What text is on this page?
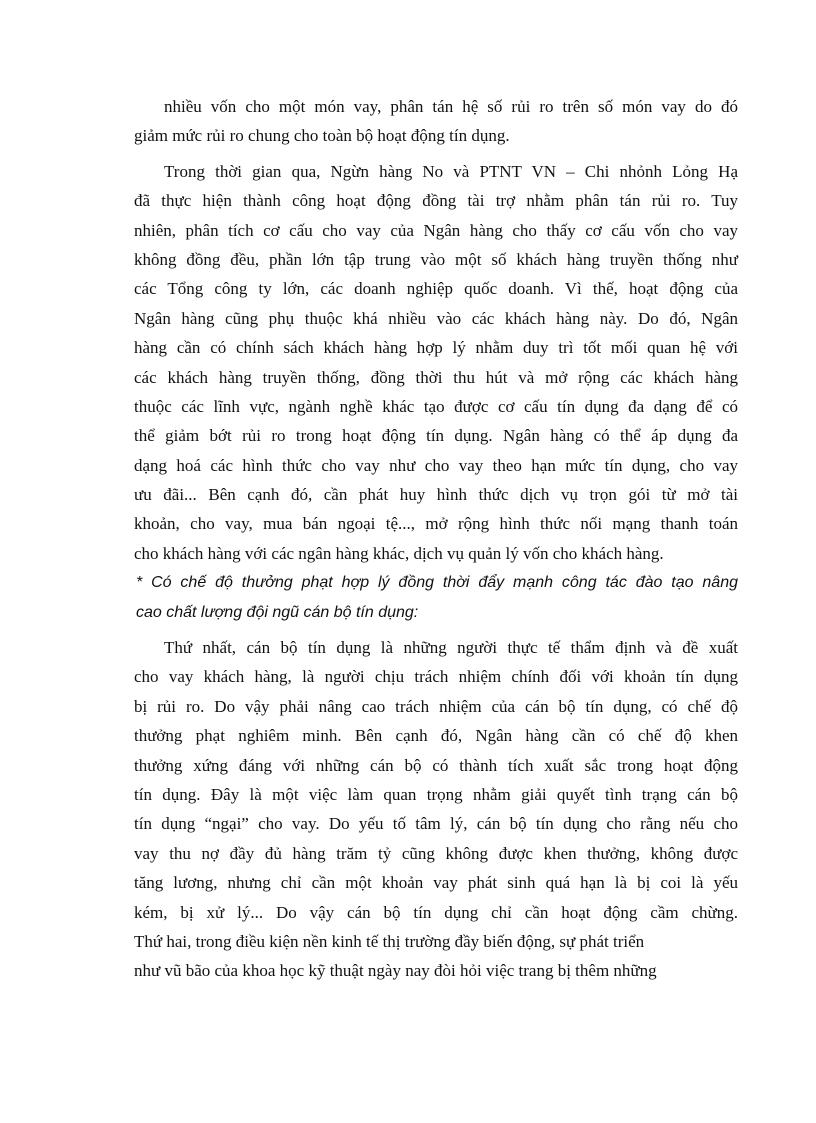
nhiều vốn cho một món vay, phân tán hệ số rủi ro trên số món vay do đó
giảm mức rủi ro chung cho toàn bộ hoạt động tín dụng.
Trong thời gian qua, Ngừn hàng No và PTNT VN – Chi nhỏnh Lỏng Hạ
đã thực hiện thành công hoạt động đồng tài trợ nhằm phân tán rủi ro. Tuy
nhiên, phân tích cơ cấu cho vay của Ngân hàng cho thấy cơ cấu vốn cho vay
không đồng đều, phần lớn tập trung vào một số khách hàng truyền thống như
các Tổng công ty lớn, các doanh nghiệp quốc doanh. Vì thế, hoạt động của
Ngân hàng cũng phụ thuộc khá nhiều vào các khách hàng này. Do đó, Ngân
hàng cần có chính sách khách hàng hợp lý nhằm duy trì tốt mối quan hệ với
các khách hàng truyền thống, đồng thời thu hút và mở rộng các khách hàng
thuộc các lĩnh vực, ngành nghề khác tạo được cơ cấu tín dụng đa dạng để có
thể giảm bớt rủi ro trong hoạt động tín dụng. Ngân hàng có thể áp dụng đa
dạng hoá các hình thức cho vay như cho vay theo hạn mức tín dụng, cho vay
ưu đãi... Bên cạnh đó, cần phát huy hình thức dịch vụ trọn gói từ mở tài
khoản, cho vay, mua bán ngoại tệ..., mở rộng hình thức nối mạng thanh toán
cho khách hàng với các ngân hàng khác, dịch vụ quản lý vốn cho khách hàng.
* Có chế độ thưởng phạt hợp lý đồng thời đẩy mạnh công tác đào tạo nâng
cao chất lượng đội ngũ cán bộ tín dụng:
Thứ nhất, cán bộ tín dụng là những người thực tế thẩm định và đề xuất
cho vay khách hàng, là người chịu trách nhiệm chính đối với khoản tín dụng
bị rủi ro. Do vậy phải nâng cao trách nhiệm của cán bộ tín dụng, có chế độ
thưởng phạt nghiêm minh. Bên cạnh đó, Ngân hàng cần có chế độ khen
thưởng xứng đáng với những cán bộ có thành tích xuất sắc trong hoạt động
tín dụng. Đây là một việc làm quan trọng nhằm giải quyết tình trạng cán bộ
tín dụng “ngại” cho vay. Do yếu tố tâm lý, cán bộ tín dụng cho rằng nếu cho
vay thu nợ đầy đủ hàng trăm tỷ cũng không được khen thưởng, không được
tăng lương, nhưng chỉ cần một khoản vay phát sinh quá hạn là bị coi là yếu
kém, bị xử lý... Do vậy cán bộ tín dụng chỉ cần hoạt động cầm chừng.
Thứ hai, trong điều kiện nền kinh tế thị trường đầy biến động, sự phát triển
như vũ bão của khoa học kỹ thuật ngày nay đòi hỏi việc trang bị thêm những
